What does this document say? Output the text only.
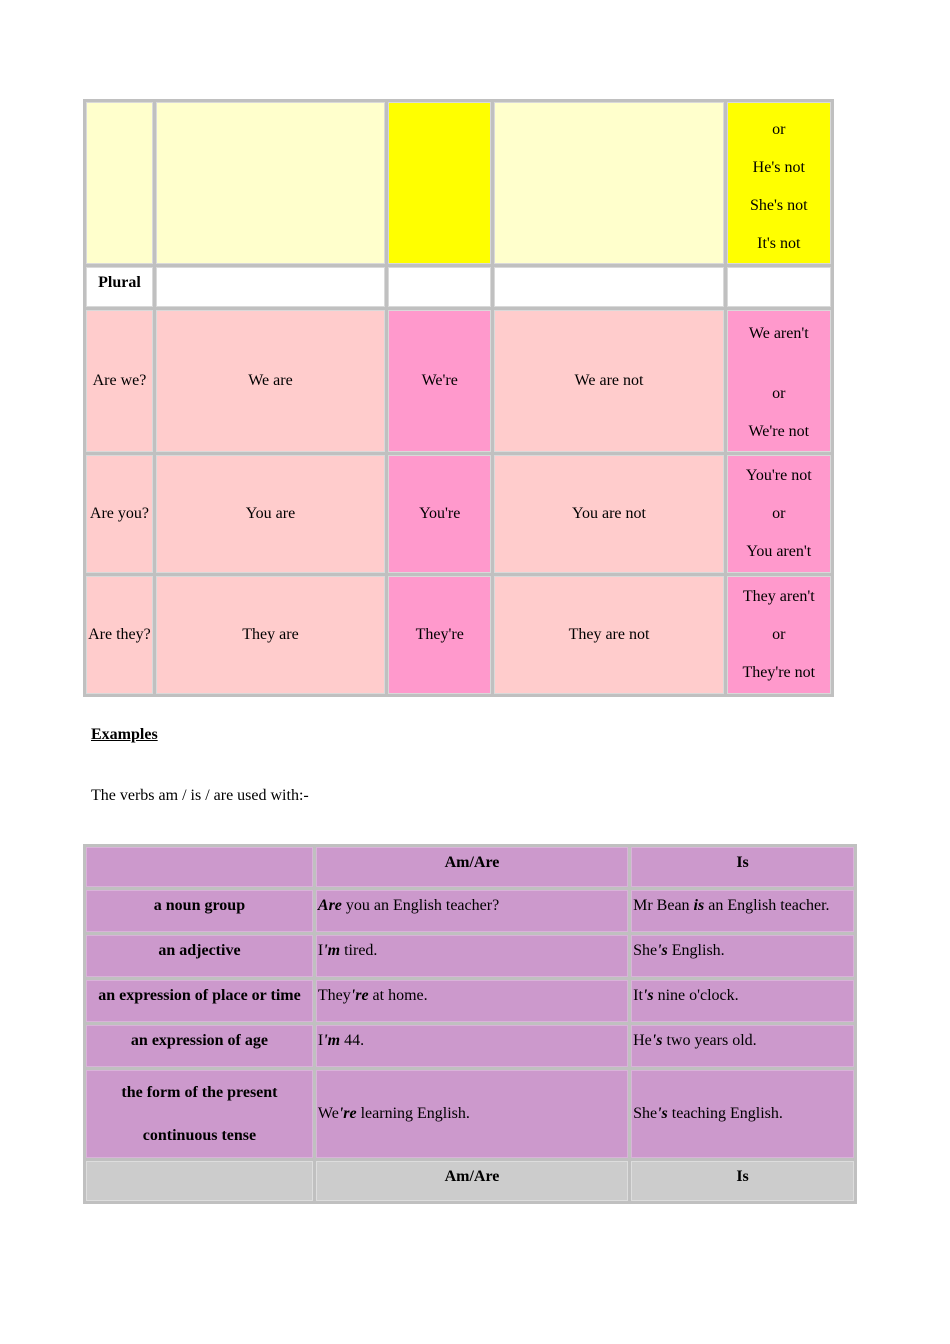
				or
He's not
She's not
It's not

Plural				
Are we?	We are	We're	We are not	We aren't
or
We're not

Are you?	You are	You're	You are not	You're not
or
You aren't

Are they?	They are	They're	They are not	They aren't
or
They're not
Examples
The verbs am / is / are used with:-
	Am/Are	Is
a noun group	Are you an English teacher?	Mr Bean is an English teacher.
an adjective	I'm tired.	She's English.
an expression of place or time	They're at home.	It's nine o'clock.
an expression of age	I'm 44.	He's two years old.

the form of the present
continuous tense	We're learning English.	She's teaching English.
	Am/Are	Is
